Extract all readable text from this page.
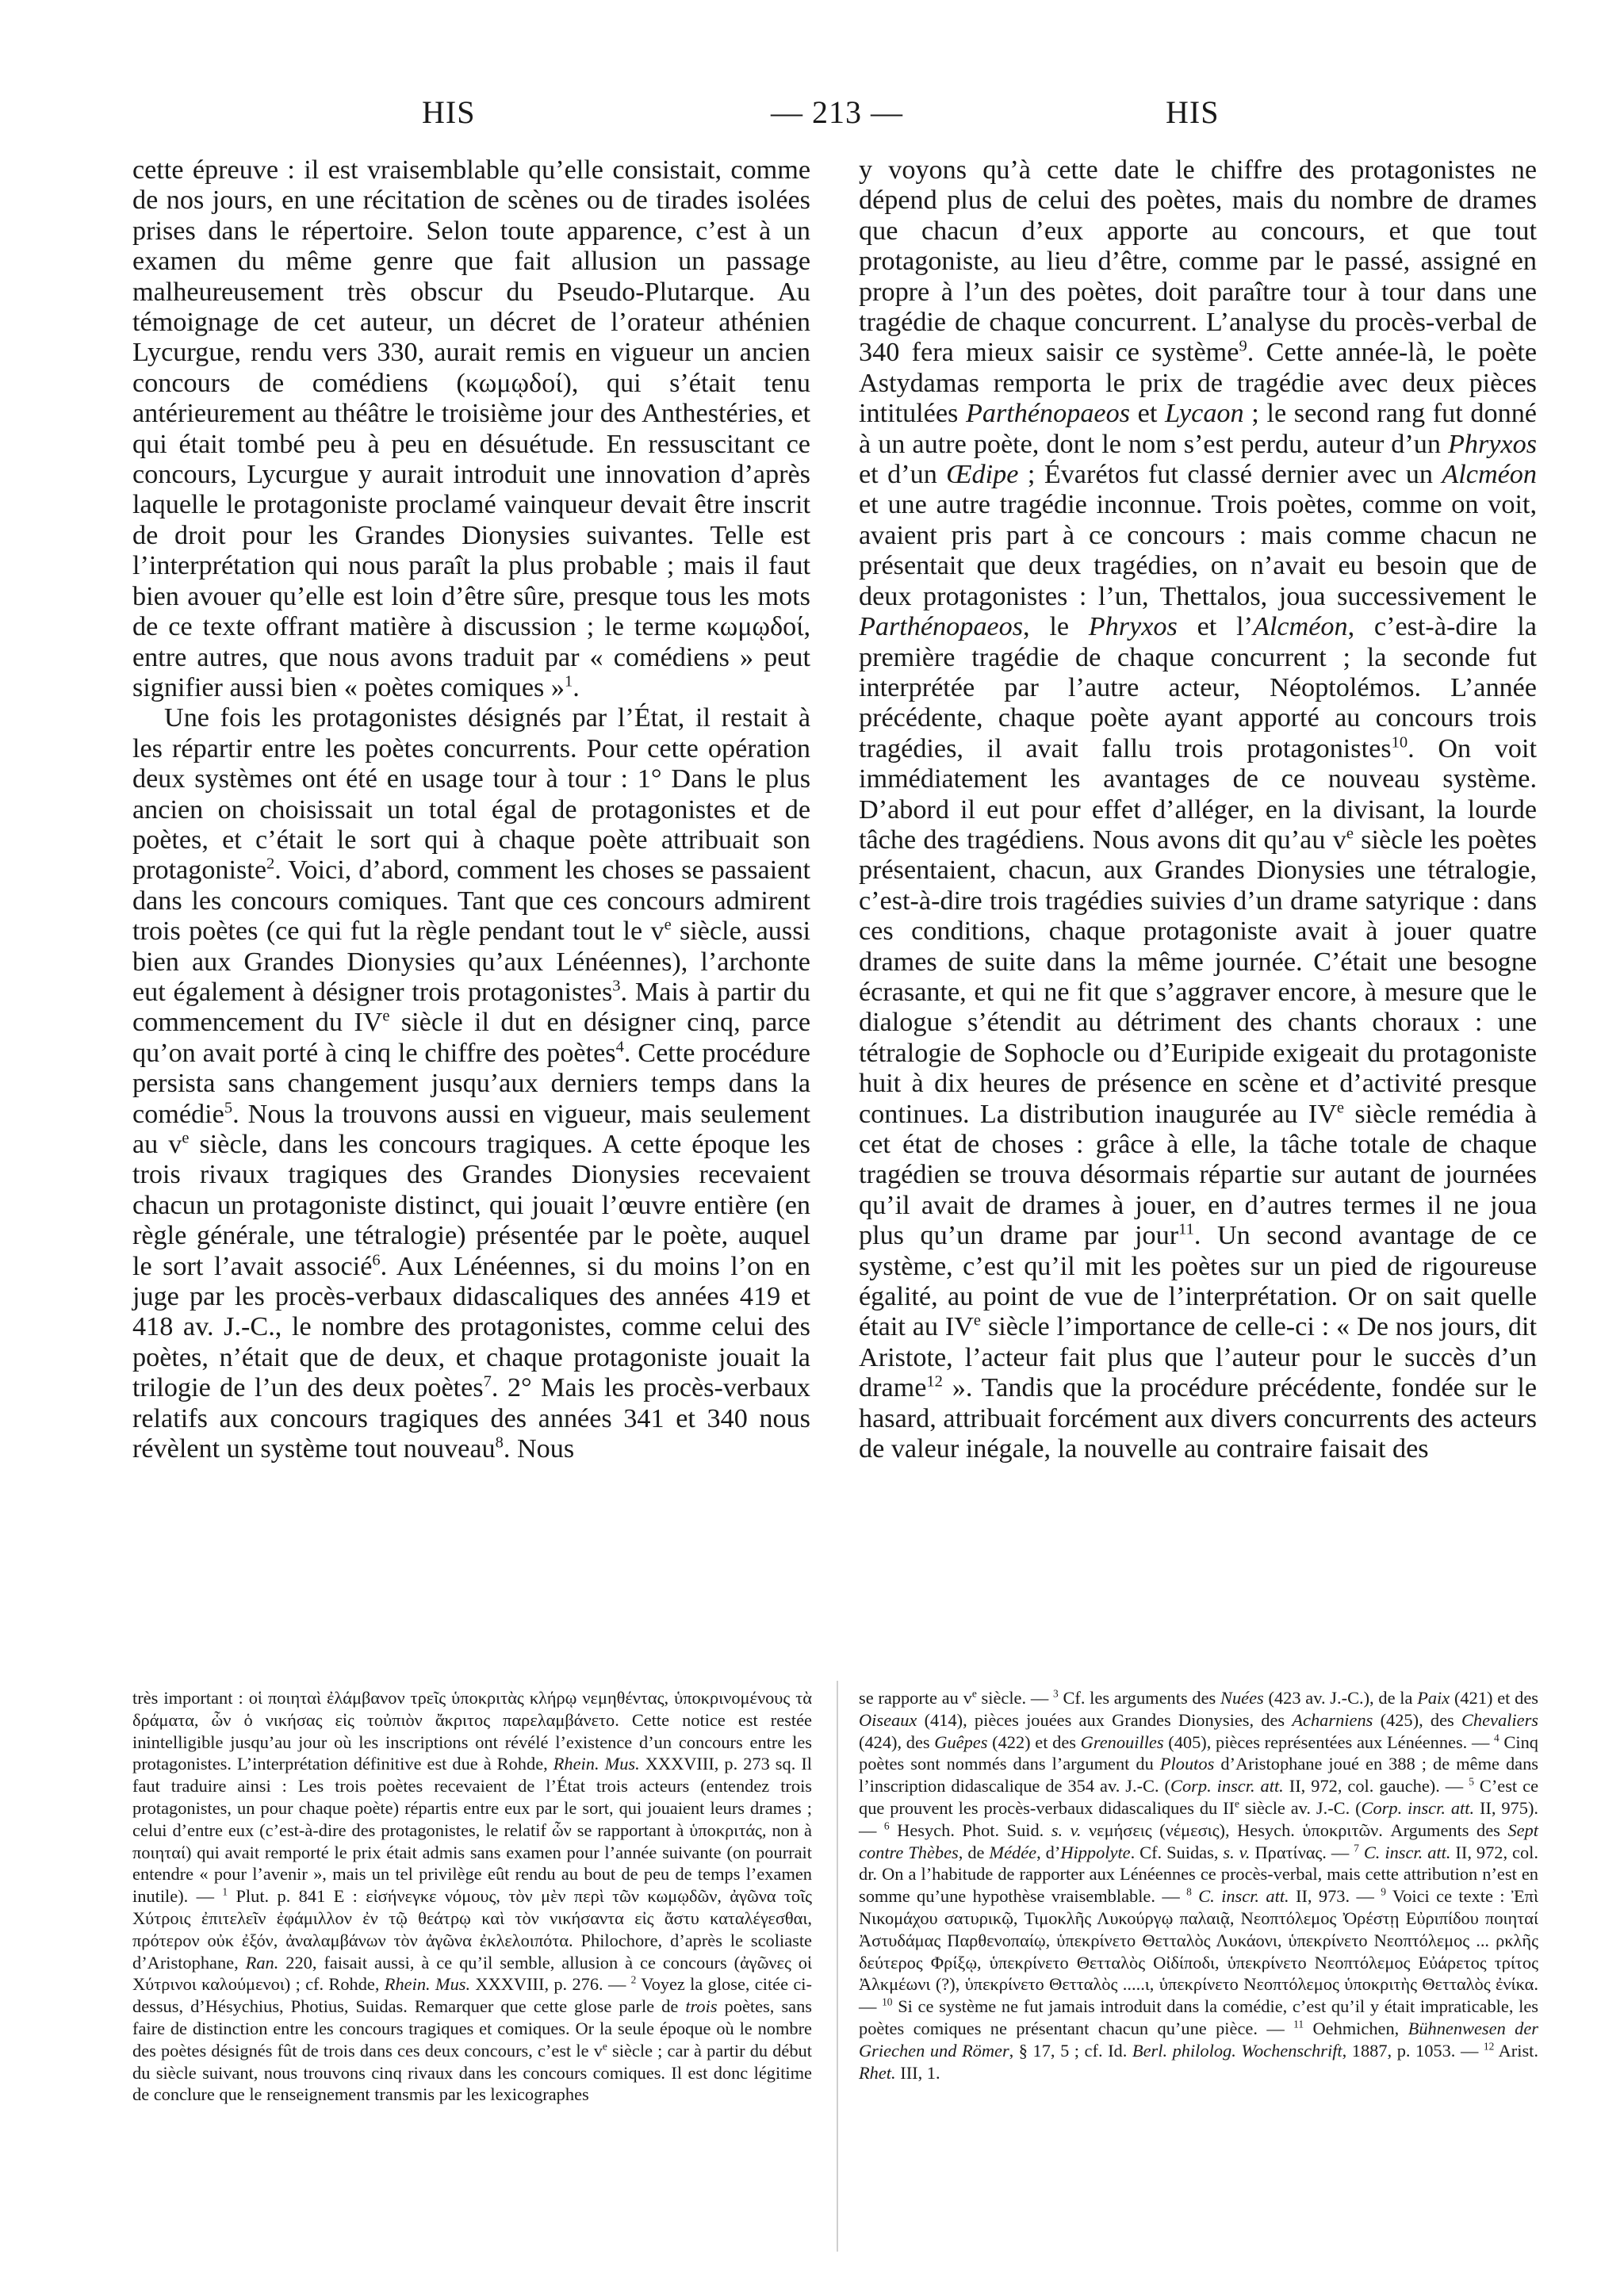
HIS	— 213 —	HIS

cette épreuve : il est vraisemblable qu’elle consistait, comme de nos jours, en une récitation de scènes ou de tirades isolées prises dans le répertoire. Selon toute apparence, c’est à un examen du même genre que fait allusion un passage malheureusement très obscur du Pseudo-Plutarque. Au témoignage de cet auteur, un décret de l’orateur athénien Lycurgue, rendu vers 330, aurait remis en vigueur un ancien concours de comédiens (κωμῳδοί), qui s’était tenu antérieurement au théâtre le troisième jour des Anthestéries, et qui était tombé peu à peu en désuétude. En ressuscitant ce concours, Lycurgue y aurait introduit une innovation d’après laquelle le protagoniste proclamé vainqueur devait être inscrit de droit pour les Grandes Dionysies suivantes. Telle est l’interprétation qui nous paraît la plus probable ; mais il faut bien avouer qu’elle est loin d’être sûre, presque tous les mots de ce texte offrant matière à discussion ; le terme κωμῳδοί, entre autres, que nous avons traduit par « comédiens » peut signifier aussi bien « poètes comiques »$^1$.

Une fois les protagonistes désignés par l’État, il restait à les répartir entre les poètes concurrents. Pour cette opération deux systèmes ont été en usage tour à tour : 1° Dans le plus ancien on choisissait un total égal de protagonistes et de poètes, et c’était le sort qui à chaque poète attribuait son protagoniste$^2$. Voici, d’abord, comment les choses se passaient dans les concours comiques. Tant que ces concours admirent trois poètes (ce qui fut la règle pendant tout le $v^e$ siècle, aussi bien aux Grandes Dionysies qu’aux Lénéennes), l’archonte eut également à désigner trois protagonistes$^3$. Mais à partir du commencement du IVe siècle il dut en désigner cinq, parce qu’on avait porté à cinq le chiffre des poètes$^4$. Cette procédure persista sans changement jusqu’aux derniers temps dans la comédie$^5$. Nous la trouvons aussi en vigueur, mais seulement au $v^e$ siècle, dans les concours tragiques. A cette époque les trois rivaux tragiques des Grandes Dionysies recevaient chacun un protagoniste distinct, qui jouait l’œuvre entière (en règle générale, une tétralogie) présentée par le poète, auquel le sort l’avait associé$^6$. Aux Lénéennes, si du moins l’on en juge par les procès-verbaux didascaliques des années 419 et 418 av. J.-C., le nombre des protagonistes, comme celui des poètes, n’était que de deux, et chaque protagoniste jouait la trilogie de l’un des deux poètes$^7$. 2° Mais les procès-verbaux relatifs aux concours tragiques des années 341 et 340 nous révèlent un système tout nouveau$^8$. Nous

y voyons qu’à cette date le chiffre des protagonistes ne dépend plus de celui des poètes, mais du nombre de drames que chacun d’eux apporte au concours, et que tout protagoniste, au lieu d’être, comme par le passé, assigné en propre à l’un des poètes, doit paraître tour à tour dans une tragédie de chaque concurrent. L’analyse du procès-verbal de 340 fera mieux saisir ce système$^9$. Cette année-là, le poète Astydamas remporta le prix de tragédie avec deux pièces intitulées Parthénopaeos et Lycaon ; le second rang fut donné à un autre poète, dont le nom s’est perdu, auteur d’un Phryxos et d’un Œdipe ; Évarétos fut classé dernier avec un Alcméon et une autre tragédie inconnue. Trois poètes, comme on voit, avaient pris part à ce concours : mais comme chacun ne présentait que deux tragédies, on n’avait eu besoin que de deux protagonistes : l’un, Thettalos, joua successivement le Parthénopaeos, le Phryxos et l’Alcméon, c’est-à-dire la première tragédie de chaque concurrent ; la seconde fut interprétée par l’autre acteur, Néoptolémos. L’année précédente, chaque poète ayant apporté au concours trois tragédies, il avait fallu trois protagonistes$^{10}$. On voit immédiatement les avantages de ce nouveau système. D’abord il eut pour effet d’alléger, en la divisant, la lourde tâche des tragédiens. Nous avons dit qu’au $v^e$ siècle les poètes présentaient, chacun, aux Grandes Dionysies une tétralogie, c’est-à-dire trois tragédies suivies d’un drame satyrique : dans ces conditions, chaque protagoniste avait à jouer quatre drames de suite dans la même journée. C’était une besogne écrasante, et qui ne fit que s’aggraver encore, à mesure que le dialogue s’étendit au détriment des chants choraux : une tétralogie de Sophocle ou d’Euripide exigeait du protagoniste huit à dix heures de présence en scène et d’activité presque continues. La distribution inaugurée au IVe siècle remédia à cet état de choses : grâce à elle, la tâche totale de chaque tragédien se trouva désormais répartie sur autant de journées qu’il avait de drames à jouer, en d’autres termes il ne joua plus qu’un drame par jour$^{11}$. Un second avantage de ce système, c’est qu’il mit les poètes sur un pied de rigoureuse égalité, au point de vue de l’interprétation. Or on sait quelle était au IVe siècle l’importance de celle-ci : « De nos jours, dit Aristote, l’acteur fait plus que l’auteur pour le succès d’un drame$^{12}$ ». Tandis que la procédure précédente, fondée sur le hasard, attribuait forcément aux divers concurrents des acteurs de valeur inégale, la nouvelle au contraire faisait des

très important : οἱ ποιηταὶ ἐλάμβανον τρεῖς ὑποκριτὰς κλήρῳ νεμηθέντας, ὑποκρινομένους τὰ δράματα, ὧν ὁ νικήσας εἰς τοὐπιὸν ἄκριτος παρελαμβάνετο. Cette notice est restée inintelligible jusqu’au jour où les inscriptions ont révélé l’existence d’un concours entre les protagonistes. L’interprétation définitive est due à Rohde, Rhein. Mus. XXXVIII, p. 273 sq. Il faut traduire ainsi : Les trois poètes recevaient de l’État trois acteurs (entendez trois protagonistes, un pour chaque poète) répartis entre eux par le sort, qui jouaient leurs drames ; celui d’entre eux (c’est-à-dire des protagonistes, le relatif ὧν se rapportant à ὑποκριτάς, non à ποιηταί) qui avait remporté le prix était admis sans examen pour l’année suivante (on pourrait entendre « pour l’avenir », mais un tel privilège eût rendu au bout de peu de temps l’examen inutile). — $^1$ Plut. p. 841 E : εἰσήνεγκε νόμους, τὸν μὲν περὶ τῶν κωμῳδῶν, ἀγῶνα τοῖς Χύτροις ἐπιτελεῖν ἐφάμιλλον ἐν τῷ θεάτρῳ καὶ τὸν νικήσαντα εἰς ἄστυ καταλέγεσθαι, πρότερον οὐκ ἐξόν, ἀναλαμβάνων τὸν ἀγῶνα ἐκλελοιπότα. Philochore, d’après le scoliaste d’Aristophane, Ran. 220, faisait aussi, à ce qu’il semble, allusion à ce concours (ἀγῶνες οἱ Χύτρινοι καλούμενοι) ; cf. Rohde, Rhein. Mus. XXXVIII, p. 276. — $^2$ Voyez la glose, citée ci-dessus, d’Hésychius, Photius, Suidas. Remarquer que cette glose parle de trois poètes, sans faire de distinction entre les concours tragiques et comiques. Or la seule époque où le nombre des poètes désignés fût de trois dans ces deux concours, c’est le $v^e$ siècle ; car à partir du début du siècle suivant, nous trouvons cinq rivaux dans les concours comiques. Il est donc légitime de conclure que le renseignement transmis par les lexicographes

se rapporte au $v^e$ siècle. — $^3$ Cf. les arguments des Nuées (423 av. J.-C.), de la Paix (421) et des Oiseaux (414), pièces jouées aux Grandes Dionysies, des Acharniens (425), des Chevaliers (424), des Guêpes (422) et des Grenouilles (405), pièces représentées aux Lénéennes. — $^4$ Cinq poètes sont nommés dans l’argument du Ploutos d’Aristophane joué en 388 ; de même dans l’inscription didascalique de 354 av. J.-C. (Corp. inscr. att. II, 972, col. gauche). — $^5$ C’est ce que prouvent les procès-verbaux didascaliques du IIe siècle av. J.-C. (Corp. inscr. att. II, 975). — $^6$ Hesych. Phot. Suid. s. v. νεμήσεις (νέμεσις), Hesych. ὑποκριτῶν. Arguments des Sept contre Thèbes, de Médée, d’Hippolyte. Cf. Suidas, s. v. Πρατίνας. — $^7$ C. inscr. att. II, 972, col. dr. On a l’habitude de rapporter aux Lénéennes ce procès-verbal, mais cette attribution n’est en somme qu’une hypothèse vraisemblable. — $^8$ C. inscr. att. II, 973. — $^9$ Voici ce texte : Ἐπὶ Νικομάχου σατυρικῷ, Τιμοκλῆς Λυκούργῳ παλαιᾷ, Νεοπτόλεμος Ὀρέστῃ Εὐριπίδου ποιηταί Ἀστυδάμας Παρθενοπαίῳ, ὑπεκρίνετο Θετταλὸς Λυκάονι, ὑπεκρίνετο Νεοπτόλεμος ... ρκλῆς δεύτερος Φρίξῳ, ὑπεκρίνετο Θετταλὸς Οἰδίποδι, ὑπεκρίνετο Νεοπτόλεμος Εὐάρετος τρίτος Ἀλκμέωνι (?), ὑπεκρίνετο Θετταλὸς .....ι, ὑπεκρίνετο Νεοπτόλεμος ὑποκριτὴς Θετταλὸς ἐνίκα. — $^{10}$ Si ce système ne fut jamais introduit dans la comédie, c’est qu’il y était impraticable, les poètes comiques ne présentant chacun qu’une pièce. — $^{11}$ Oehmichen, Bühnenwesen der Griechen und Römer, § 17, 5 ; cf. Id. Berl. philolog. Wochenschrift, 1887, p. 1053. — $^{12}$ Arist. Rhet. III, 1.
